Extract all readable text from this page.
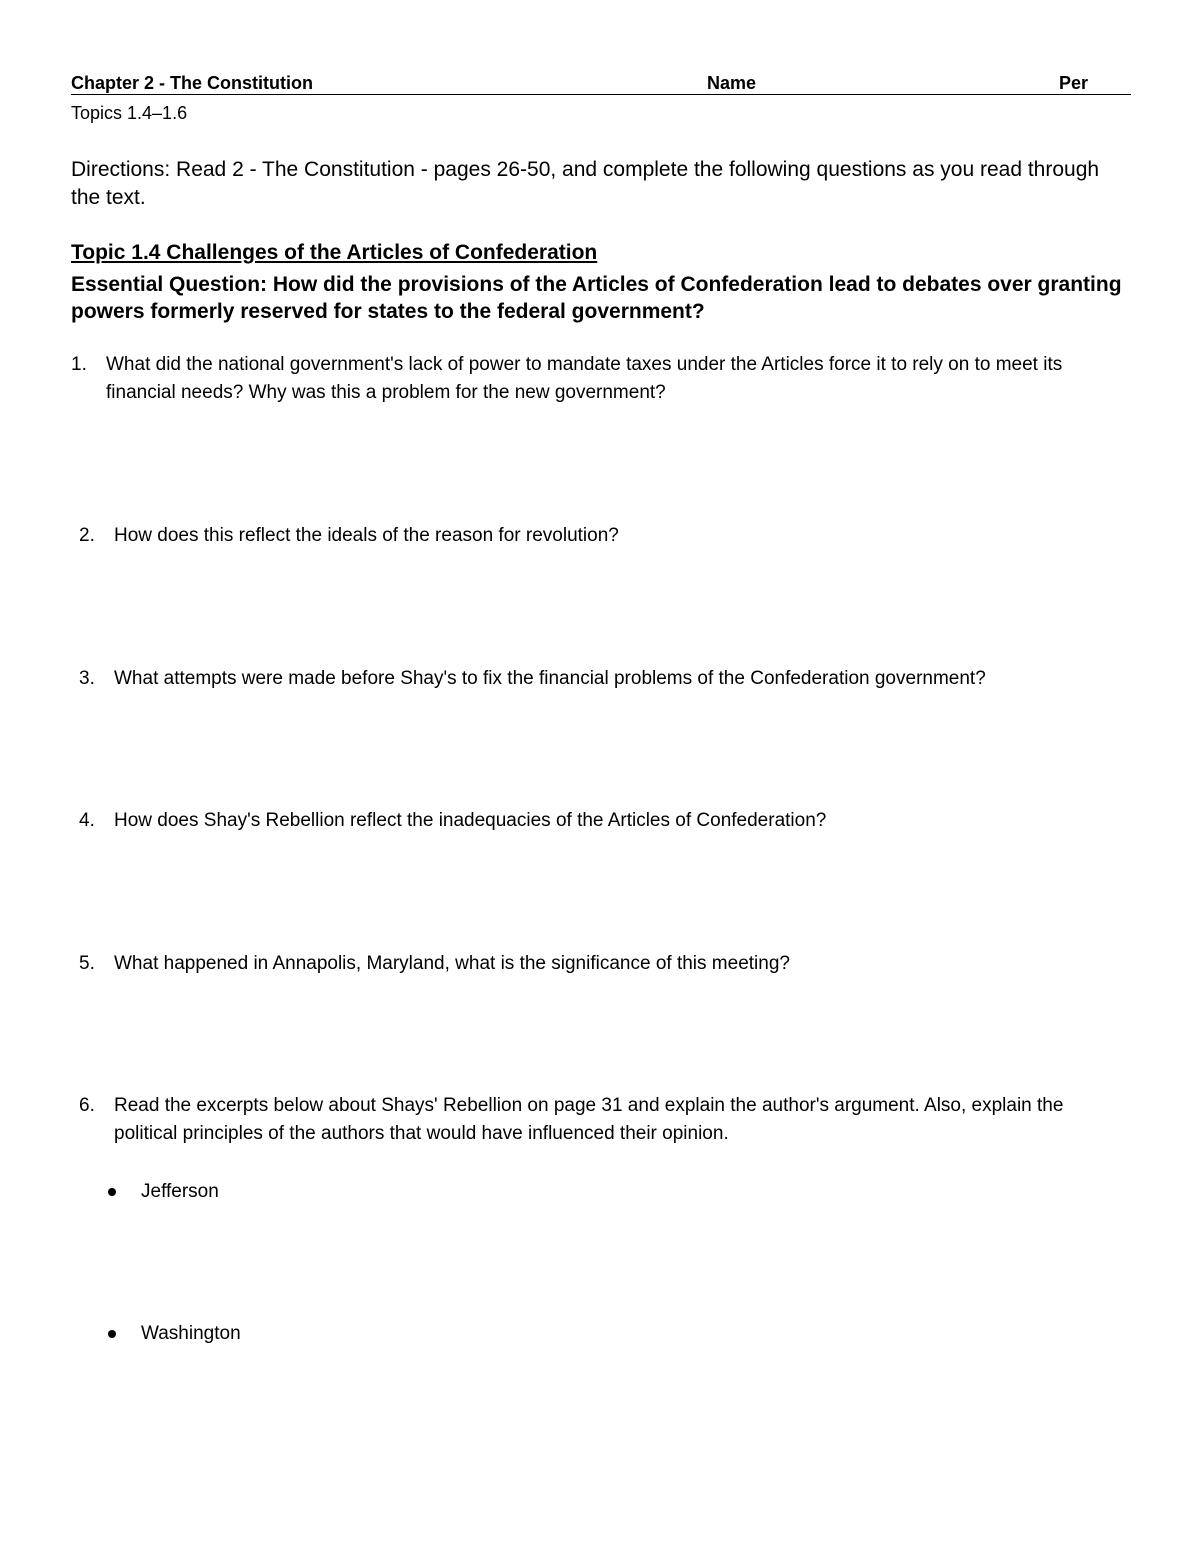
Chapter 2 - The Constitution	Name	Per
Topics 1.4–1.6
Directions: Read 2 - The Constitution - pages 26-50, and complete the following questions as you read through the text.
Topic 1.4 Challenges of the Articles of Confederation
Essential Question: How did the provisions of the Articles of Confederation lead to debates over granting powers formerly reserved for states to the federal government?
1. What did the national government's lack of power to mandate taxes under the Articles force it to rely on to meet its financial needs? Why was this a problem for the new government?
2. How does this reflect the ideals of the reason for revolution?
3. What attempts were made before Shay's to fix the financial problems of the Confederation government?
4. How does Shay's Rebellion reflect the inadequacies of the Articles of Confederation?
5. What happened in Annapolis, Maryland, what is the significance of this meeting?
6. Read the excerpts below about Shays' Rebellion on page 31 and explain the author's argument. Also, explain the political principles of the authors that would have influenced their opinion.
Jefferson
Washington
